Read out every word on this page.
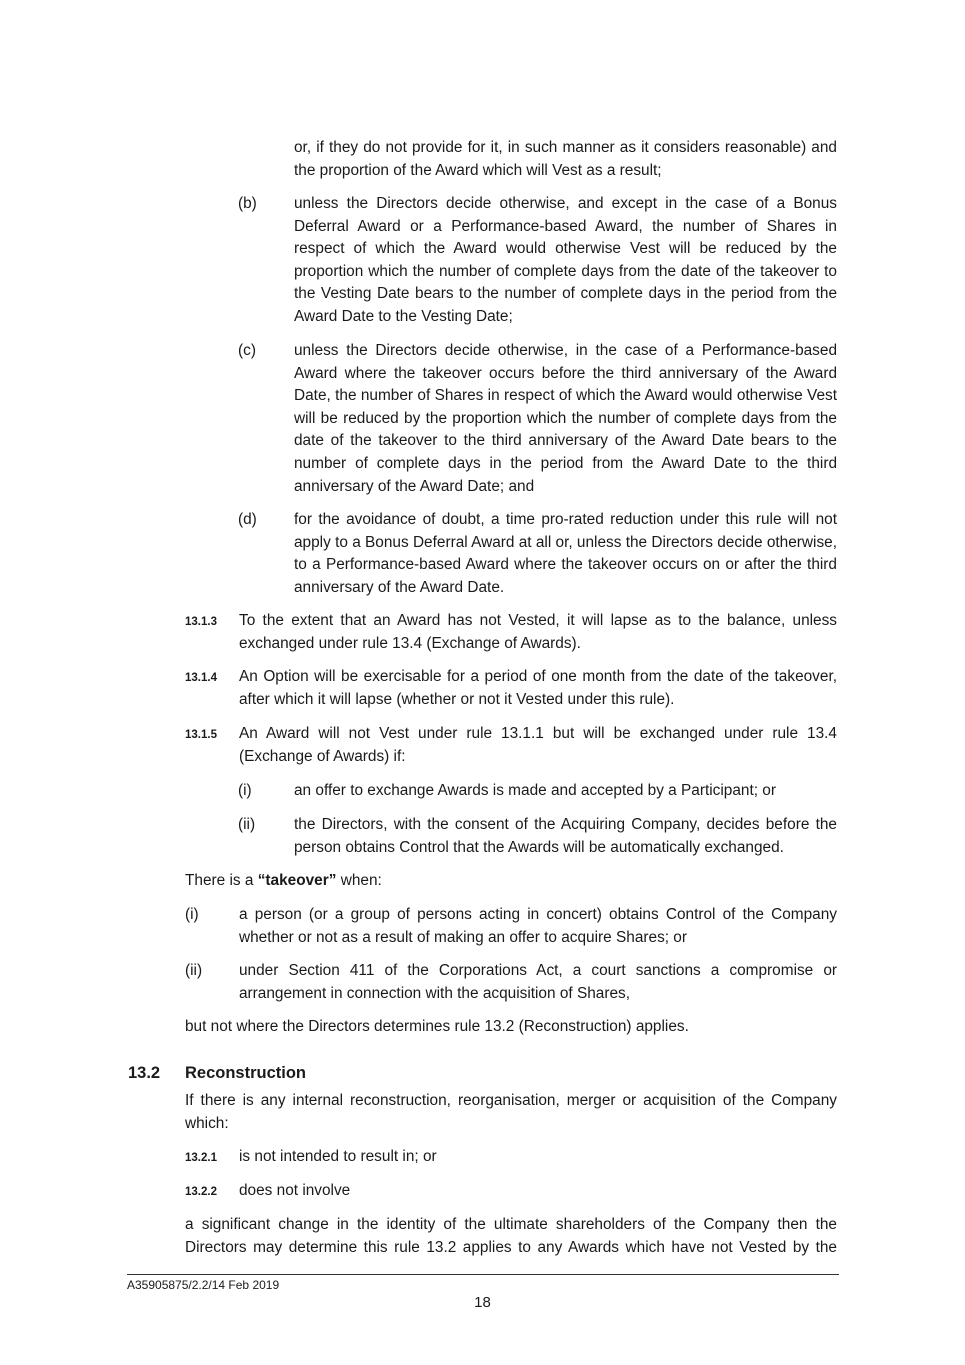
or, if they do not provide for it, in such manner as it considers reasonable) and the proportion of the Award which will Vest as a result;

(b) unless the Directors decide otherwise, and except in the case of a Bonus Deferral Award or a Performance-based Award, the number of Shares in respect of which the Award would otherwise Vest will be reduced by the proportion which the number of complete days from the date of the takeover to the Vesting Date bears to the number of complete days in the period from the Award Date to the Vesting Date;

(c) unless the Directors decide otherwise, in the case of a Performance-based Award where the takeover occurs before the third anniversary of the Award Date, the number of Shares in respect of which the Award would otherwise Vest will be reduced by the proportion which the number of complete days from the date of the takeover to the third anniversary of the Award Date bears to the number of complete days in the period from the Award Date to the third anniversary of the Award Date; and

(d) for the avoidance of doubt, a time pro-rated reduction under this rule will not apply to a Bonus Deferral Award at all or, unless the Directors decide otherwise, to a Performance-based Award where the takeover occurs on or after the third anniversary of the Award Date.

13.1.3 To the extent that an Award has not Vested, it will lapse as to the balance, unless exchanged under rule 13.4 (Exchange of Awards).

13.1.4 An Option will be exercisable for a period of one month from the date of the takeover, after which it will lapse (whether or not it Vested under this rule).

13.1.5 An Award will not Vest under rule 13.1.1 but will be exchanged under rule 13.4 (Exchange of Awards) if:

(i)	an offer to exchange Awards is made and accepted by a Participant; or

(ii)	the Directors, with the consent of the Acquiring Company, decides before the person obtains Control that the Awards will be automatically exchanged.

There is a “takeover” when:

(i)	a person (or a group of persons acting in concert) obtains Control of the Company whether or not as a result of making an offer to acquire Shares; or

(ii) under Section 411 of the Corporations Act, a court sanctions a compromise or arrangement in connection with the acquisition of Shares,

but not where the Directors determines rule 13.2 (Reconstruction) applies.

13.2 Reconstruction

If there is any internal reconstruction, reorganisation, merger or acquisition of the Company which:

13.2.1 is not intended to result in; or

13.2.2 does not involve

a significant change in the identity of the ultimate shareholders of the Company then the Directors may determine this rule 13.2 applies to any Awards which have not Vested by the

A35905875/2.2/14 Feb 2019
18
